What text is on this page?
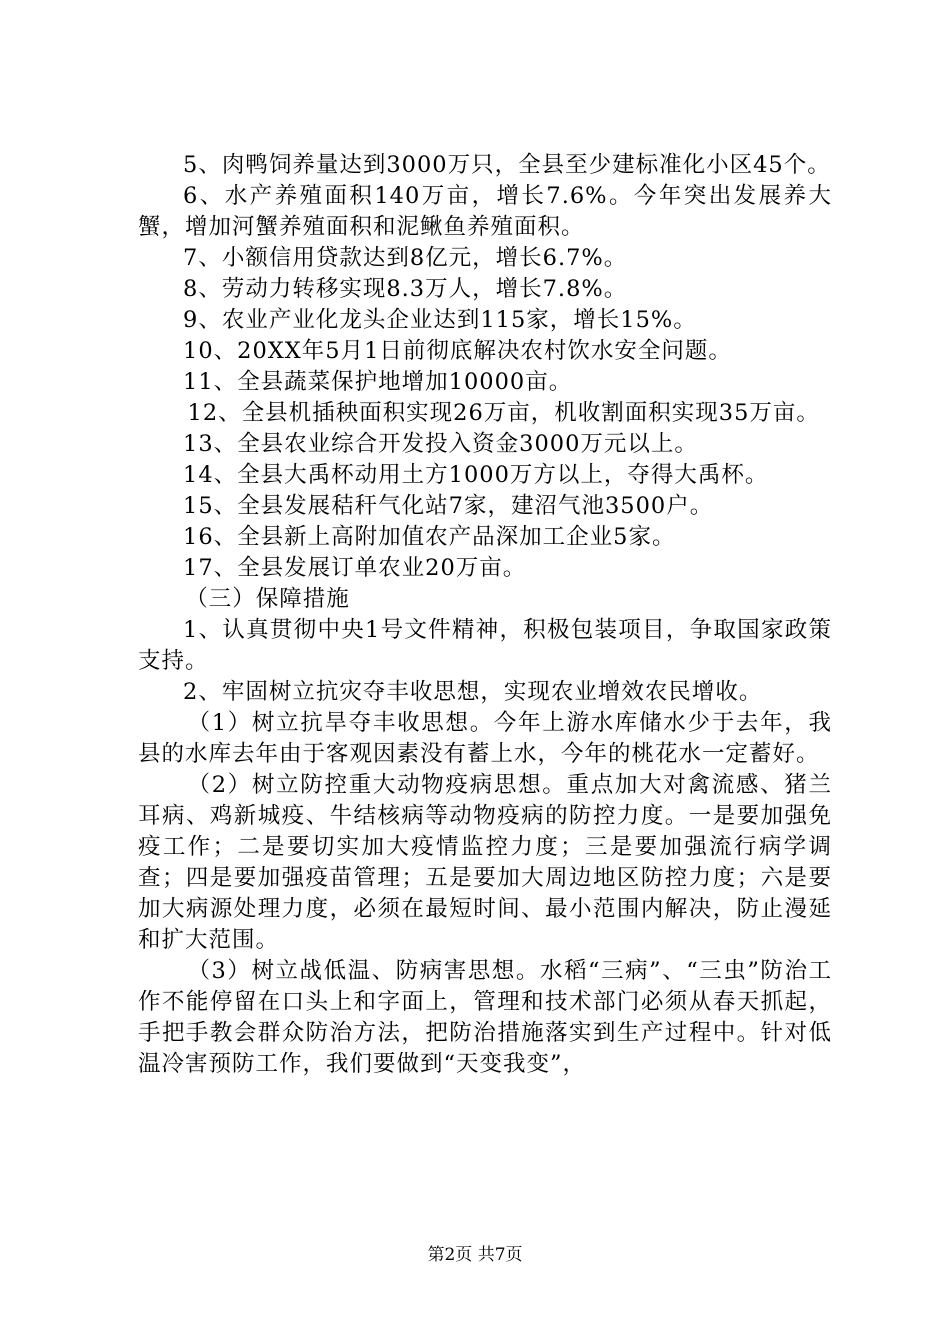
5、肉鸭饲养量达到3000万只，全县至少建标准化小区45个。

6、水产养殖面积140万亩，增长7.6%。今年突出发展养大蟹，增加河蟹养殖面积和泥鳅鱼养殖面积。

7、小额信用贷款达到8亿元，增长6.7%。

8、劳动力转移实现8.3万人，增长7.8%。

9、农业产业化龙头企业达到115家，增长15%。

10、20XX年5月1日前彻底解决农村饮水安全问题。

11、全县蔬菜保护地增加10000亩。

12、全县机插秧面积实现26万亩，机收割面积实现35万亩。

13、全县农业综合开发投入资金3000万元以上。

14、全县大禹杯动用土方1000万方以上，夺得大禹杯。

15、全县发展秸秆气化站7家，建沼气池3500户。

16、全县新上高附加值农产品深加工企业5家。

17、全县发展订单农业20万亩。

（三）保障措施

1、认真贯彻中央1号文件精神，积极包装项目，争取国家政策支持。

2、牢固树立抗灾夺丰收思想，实现农业增效农民增收。

（1）树立抗旱夺丰收思想。今年上游水库储水少于去年，我县的水库去年由于客观因素没有蓄上水，今年的桃花水一定蓄好。

（2）树立防控重大动物疫病思想。重点加大对禽流感、猪兰耳病、鸡新城疫、牛结核病等动物疫病的防控力度。一是要加强免疫工作；二是要切实加大疫情监控力度；三是要加强流行病学调查；四是要加强疫苗管理；五是要加大周边地区防控力度；六是要加大病源处理力度，必须在最短时间、最小范围内解决，防止漫延和扩大范围。

（3）树立战低温、防病害思想。水稻“三病”、“三虫”防治工作不能停留在口头上和字面上，管理和技术部门必须从春天抓起，手把手教会群众防治方法，把防治措施落实到生产过程中。针对低温冷害预防工作，我们要做到“天变我变”，

第2页 共7页
